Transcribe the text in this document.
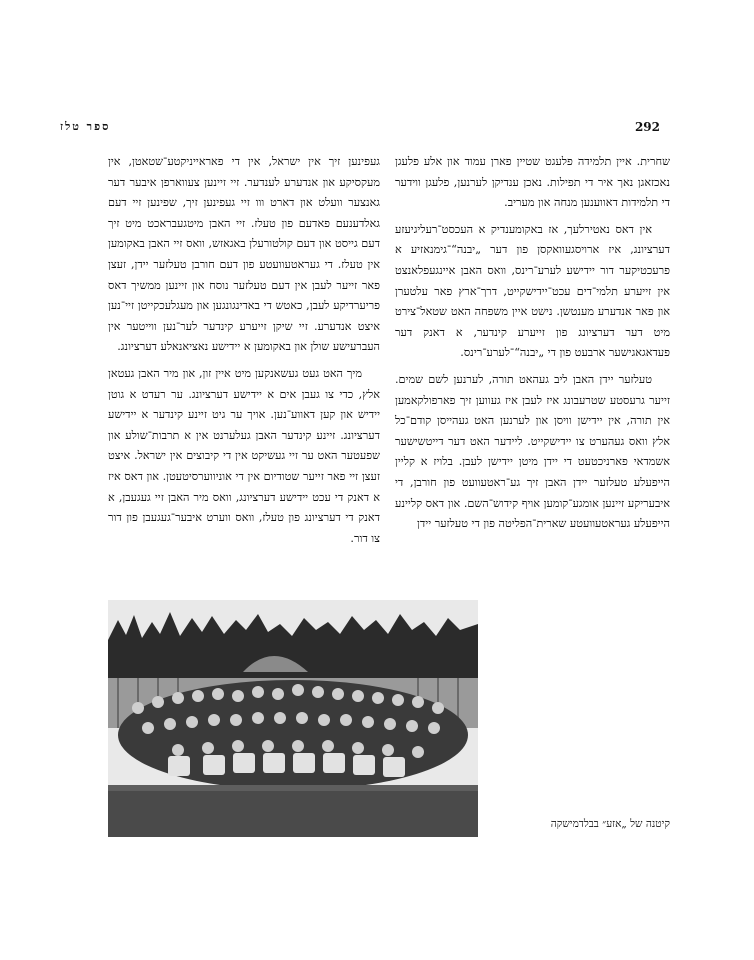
ספר טלז	292

שחרית. איין תלמידה פלעגט שטיין פארן עמוד און אלע פלעגן נאכזאגן נאך איר די תפילות. נאכן ענדיקן לערנען, פלעגן ווידער די תלמידות דאווענען מנחה און מעריב.

אין דאס נאטירלעך, אז באקומענדיק א העכסט־רעליגיעזע דערציונג, איז ארויסגעוואקסן פון דער „יבנה“־גימנאזיע א פרעכטיקער דור יידישע לערע־רינס, וואס האבן איינגעפלאנצט אין זייערע תלמי־דים עכט־יידישקייט, דרך־ארץ פאר עלטערן און פאר אנדערע מענטשן. נישט איין משפחה האט שטאל־צירט מיט דער דערציונג פון זייערע קינדער, א דאנק דער פעדאגאגישער ארבעט פון די „יבנה“־לערע־רינס.

טעלזער יידן האבן ליב געהאט תורה, לערנען לשם שמים. זייער גרעסטע שטרעבונג איז לעבן איז געווען זיך פארפולקאמען אין תורה, אין יידישן וויסן און לערנען האט געהייסן קודם־כל אלץ וואס געהערט צו יידישקייט. ליידער האט דער דייטשישער אשמדאי פארניכטעט די יידן מיטן יידישן לעבן. בלויז א קליין הייפעלע טעלזער יידן האבן זיך גע־ראטעוועט פון חורבן, די איבעריקע זיינען אומגע־קומען אויף קידוש־השם. און דאס קליינע הייפעלע געראטעוועטע שארית־הפליטה פון די טעלזער יידן

געפינען זיך אין ישראל, אין די פאראייניקטע־שטאטן, אין מעקסיקע און אנדערע לענדער. זיי זיינען צעווארפן איבער דער גאנצער וועלט און דארט ווו זיי געפינען זיך, שפינען זיי דעם גאלדענעם פאדעם פון טעלז. זיי האבן מיטגעבראכט מיט זיך דעם גייסט און דעם קולטורעלן באגאזש, וואס זיי האבן באקומען אין טעלז. די געראטעוועטע פון דעם חורבן טעלזער יידן, זעצן פאר זייער לעבן אין דעם טעלזער נוסח און זיינען ממשיך דאס פריערדיקע לעבן, כאטש די באדינגונגען און מעגלעכקייטן זיי־נען איצט אנדערע. זיי שיקן זייערע קינדער לער־נען ווייטער אין העברעישע שולן און באקומען א יידישע נאציאנאלע דערציונג.

מיך האט געט געשאנקען מיט איין זון, און מיר האבן געטאן אלץ, כדי צו געבן אים א יידישע דערציונג. ער רעדט א גוטן יידיש און קען דאווע־נען. אויך ער גיט זיינע קינדער א יידישע דערציונג. זיינע קינדער האבן געלערנט אין א תרבות־שולע און שפעטער האט ער זיי געשיקט אין די קיבוצים אין ישראל. איצט זעצן זיי פאר זייער שטודיום אין די אוניווערסיטעטן. און דאס איז א דאנק די עכט יידישע דערציונג, וואס מיר האבן זיי געגעבן, א דאנק די דערציונג פון טעלז, וואס ווערט איבער־געגעבן פון דור צו דור.

קיטנה של „אזע״ בבלדמישקה
